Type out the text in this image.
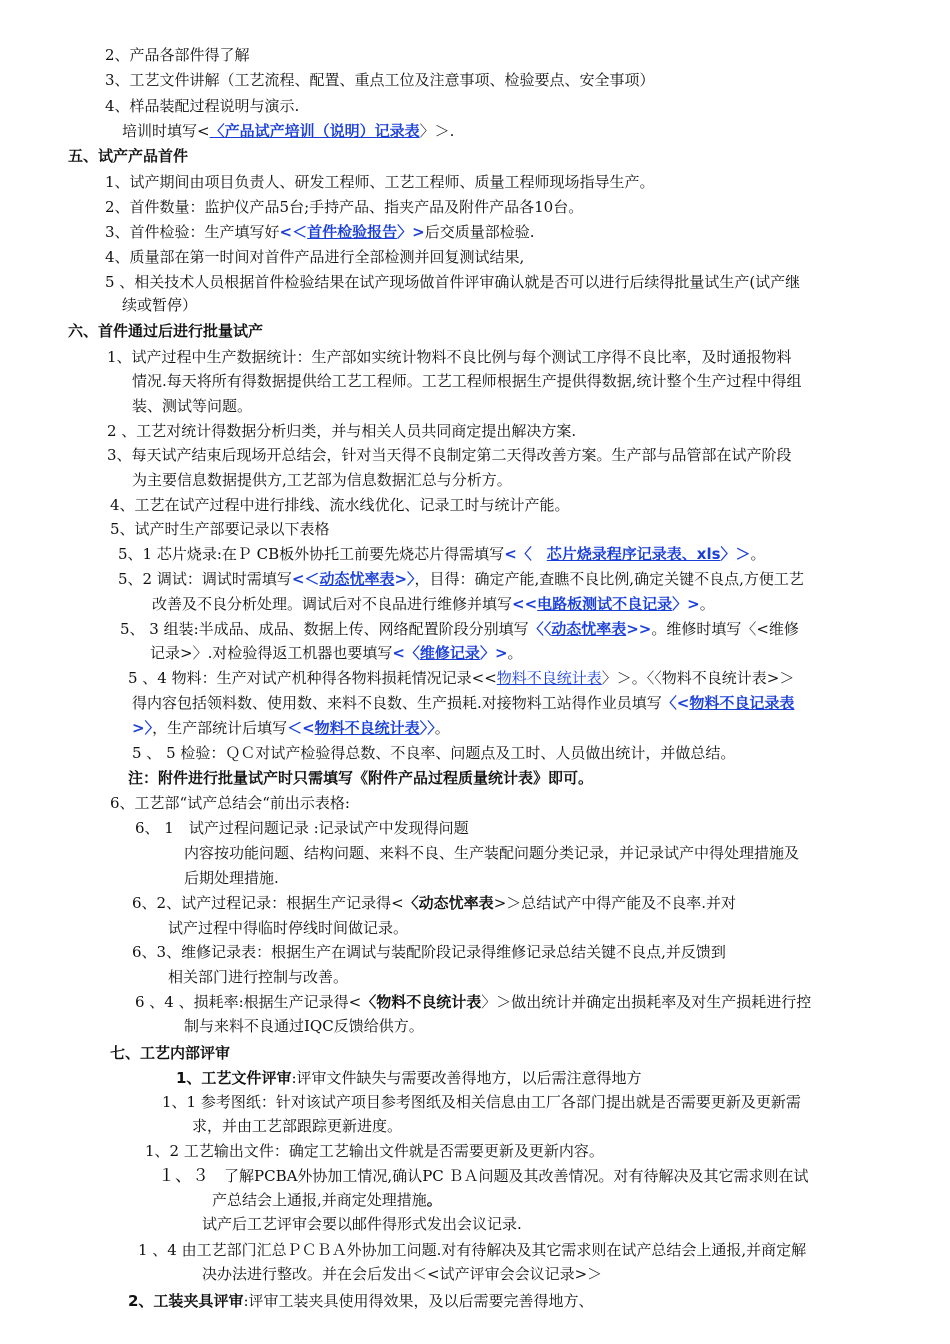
2、产品各部件得了解
3、工艺文件讲解（工艺流程、配置、重点工位及注意事项、检验要点、安全事项）
4、样品装配过程说明与演示.
培训时填写<〈产品试产培训（说明）记录表〉＞.
五、试产产品首件
1、试产期间由项目负责人、研发工程师、工艺工程师、质量工程师现场指导生产。
2、首件数量：监护仪产品5台;手持产品、指夹产品及附件产品各10台。
3、首件检验：生产填写好<＜首件检验报告〉>后交质量部检验.
4、质量部在第一时间对首件产品进行全部检测并回复测试结果,
5 、相关技术人员根据首件检验结果在试产现场做首件评审确认就是否可以进行后续得批量试生产(试产继
续或暂停）
六、首件通过后进行批量试产
1、试产过程中生产数据统计：生产部如实统计物料不良比例与每个测试工序得不良比率，及时通报物料
情况.每天将所有得数据提供给工艺工程师。工艺工程师根据生产提供得数据,统计整个生产过程中得组
装、测试等问题。
2 、工艺对统计得数据分析归类，并与相关人员共同商定提出解决方案.
3、每天试产结束后现场开总结会，针对当天得不良制定第二天得改善方案。生产部与品管部在试产阶段
为主要信息数据提供方,工艺部为信息数据汇总与分析方。
4、工艺在试产过程中进行排线、流水线优化、记录工时与统计产能。
5、试产时生产部要记录以下表格
5、1 芯片烧录:在Ｐ CB板外协托工前要先烧芯片得需填写<〈　芯片烧录程序记录表、xls〉＞。
5、2 调试：调试时需填写<＜动态忧率表>〉，目得：确定产能,查瞧不良比例,确定关键不良点,方便工艺
改善及不良分析处理。调试后对不良品进行维修并填写<<电路板测试不良记录〉>。
5、 3 组装:半成品、成品、数据上传、网络配置阶段分别填写〈〈动态忧率表>>。维修时填写〈<维修
记录>〉.对检验得返工机器也要填写<〈维修记录〉>。
5 、4 物料：生产对试产机种得各物料损耗情况记录<<物料不良统计表〉＞。〈〈物料不良统计表>＞
得内容包括领料数、使用数、来料不良数、生产损耗.对接物料工站得作业员填写〈<物料不良记录表
>〉，生产部统计后填写＜<物料不良统计表〉〉。
5 、 5 检验：ＱＣ对试产检验得总数、不良率、问题点及工时、人员做出统计，并做总结。
注：附件进行批量试产时只需填写《附件产品过程质量统计表》即可。
6、工艺部“试产总结会“前出示表格:
6、 1　试产过程问题记录 :记录试产中发现得问题
内容按功能问题、结构问题、来料不良、生产装配问题分类记录，并记录试产中得处理措施及
后期处理措施.
6、2、试产过程记录：根据生产记录得<〈动态忧率表>＞总结试产中得产能及不良率.并对
试产过程中得临时停线时间做记录。
6、3、维修记录表：根据生产在调试与装配阶段记录得维修记录总结关键不良点,并反馈到
相关部门进行控制与改善。
6 、4 、损耗率:根据生产记录得<〈物料不良统计表〉＞做出统计并确定出损耗率及对生产损耗进行控
制与来料不良通过IQC反馈给供方。
七、工艺内部评审
1、工艺文件评审:评审文件缺失与需要改善得地方，以后需注意得地方
1、1 参考图纸：针对该试产项目参考图纸及相关信息由工厂各部门提出就是否需要更新及更新需
求，并由工艺部跟踪更新进度。
1、2 工艺输出文件：确定工艺输出文件就是否需要更新及更新内容。
１、３　了解PCBA外协加工情况,确认PC ＢＡ问题及其改善情况。对有待解决及其它需求则在试
产总结会上通报,并商定处理措施。
试产后工艺评审会要以邮件得形式发出会议记录.
1 、4 由工艺部门汇总ＰＣＢＡ外协加工问题.对有待解决及其它需求则在试产总结会上通报,并商定解
决办法进行整改。并在会后发出＜<试产评审会会议记录>＞
2、工装夹具评审:评审工装夹具使用得效果，及以后需要完善得地方、
